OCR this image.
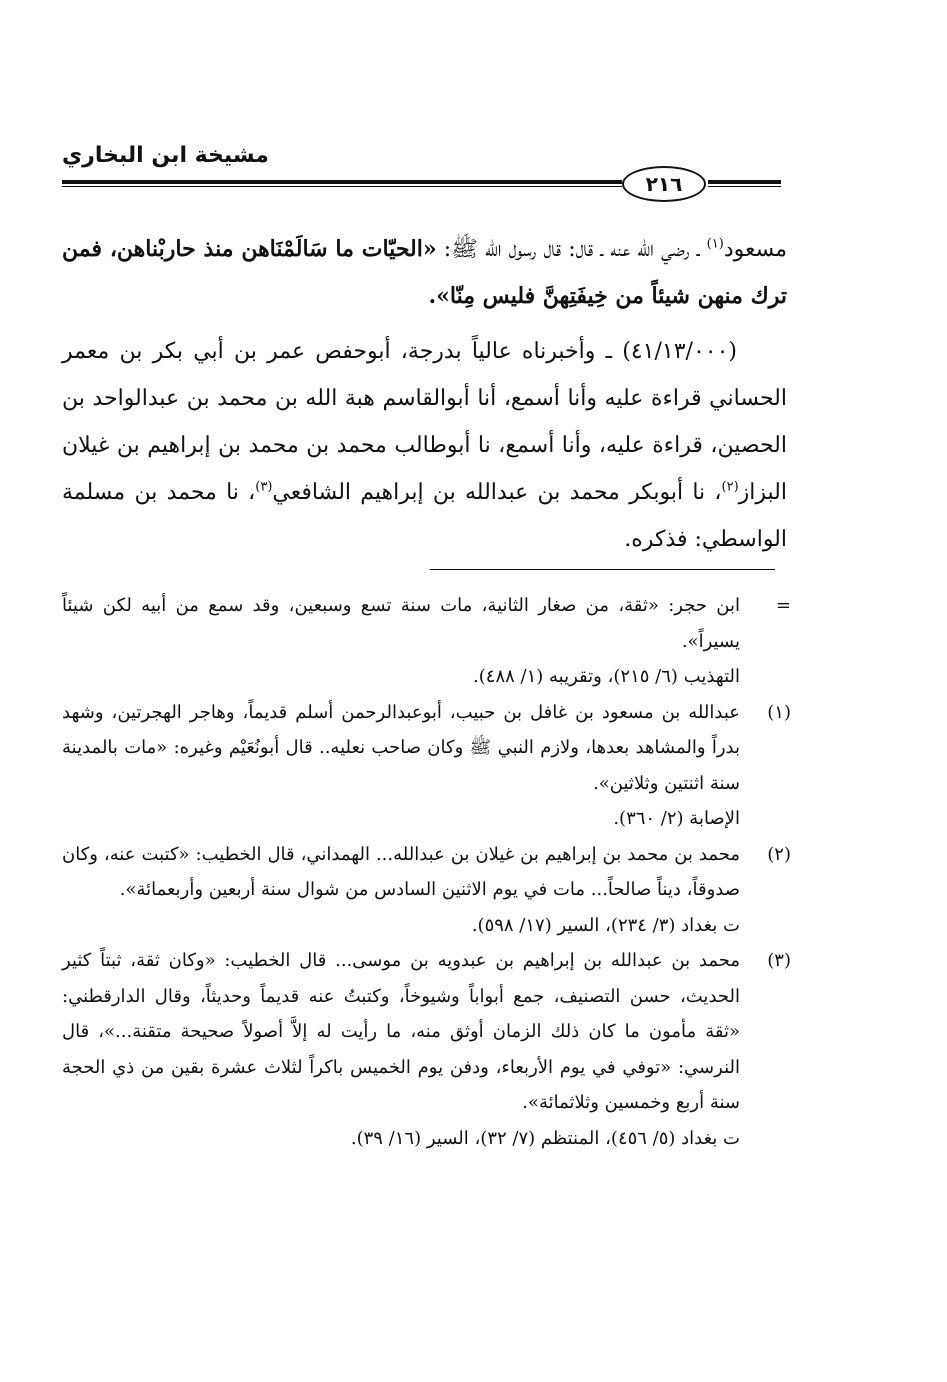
مشيخة ابن البخاري
٢١٦

مسعود$^{(١)}$ ـ رضي الله عنه ـ قال: قال رسول الله ﷺ: «الحيّات ما سَالَمْنَاهن منذ حاربْناهن، فمن ترك منهن شيئاً من خِيفَتِهنَّ فليس مِنّا».

(٤١/١٣/٠٠٠) ـ وأخبرناه عالياً بدرجة، أبوحفص عمر بن أبي بكر بن معمر الحساني قراءة عليه وأنا أسمع، أنا أبوالقاسم هبة الله بن محمد بن عبدالواحد بن الحصين، قراءة عليه، وأنا أسمع، نا أبوطالب محمد بن محمد بن إبراهيم بن غيلان البزاز$^{(٢)}$، نا أبوبكر محمد بن عبدالله بن إبراهيم الشافعي$^{(٣)}$، نا محمد بن مسلمة الواسطي: فذكره.

=

ابن حجر: «ثقة، من صغار الثانية، مات سنة تسع وسبعين، وقد سمع من أبيه لكن شيئاً يسيراً».

التهذيب (٦/ ٢١٥)، وتقريبه (١/ ٤٨٨).

(١)

عبدالله بن مسعود بن غافل بن حبيب، أبوعبدالرحمن أسلم قديماً، وهاجر الهجرتين، وشهد بدراً والمشاهد بعدها، ولازم النبي ﷺ وكان صاحب نعليه.. قال أبونُعَيْم وغيره: «مات بالمدينة سنة اثنتين وثلاثين».

الإصابة (٢/ ٣٦٠).

(٢)

محمد بن محمد بن إبراهيم بن غيلان بن عبدالله... الهمداني، قال الخطيب: «كتبت عنه، وكان صدوقاً، ديناً صالحاً... مات في يوم الاثنين السادس من شوال سنة أربعين وأربعمائة».

ت بغداد (٣/ ٢٣٤)، السير (١٧/ ٥٩٨).

(٣)

محمد بن عبدالله بن إبراهيم بن عبدويه بن موسى... قال الخطيب: «وكان ثقة، ثبتاً كثير الحديث، حسن التصنيف، جمع أبواباً وشيوخاً، وكتبتُ عنه قديماً وحديثاً، وقال الدارقطني: «ثقة مأمون ما كان ذلك الزمان أوثق منه، ما رأيت له إلاَّ أصولاً صحيحة متقنة...»، قال النرسي: «توفي في يوم الأربعاء، ودفن يوم الخميس باكراً لثلاث عشرة بقين من ذي الحجة سنة أربع وخمسين وثلاثمائة».

ت بغداد (٥/ ٤٥٦)، المنتظم (٧/ ٣٢)، السير (١٦/ ٣٩).
